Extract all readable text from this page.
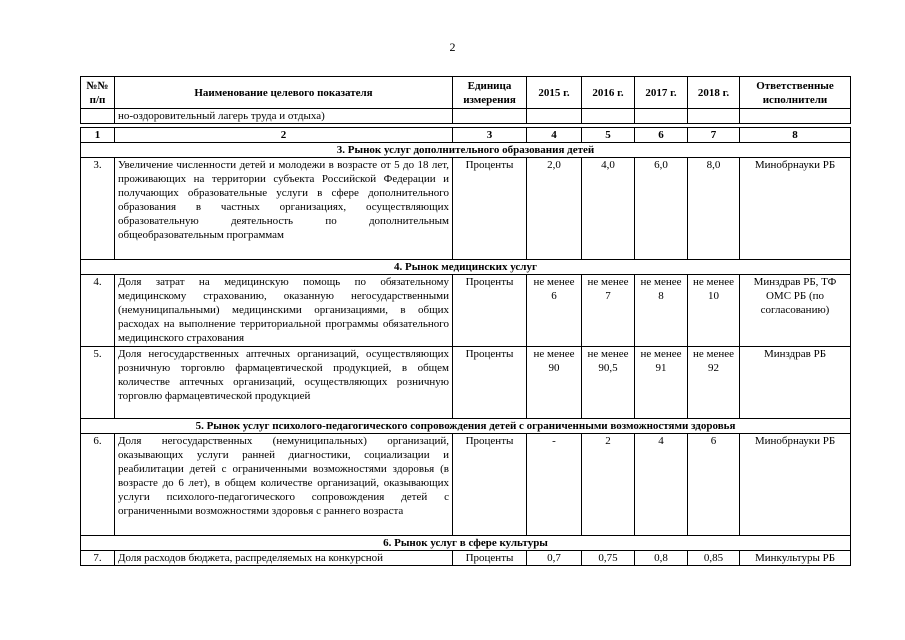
2
№№ п/п	Наименование целевого показателя	Единица измерения	2015 г.	2016 г.	2017 г.	2018 г.	Ответственные исполнители
	но-оздоровительный лагерь труда и отдыха)						
1	2	3	4	5	6	7	8
3. Рынок услуг дополнительного образования детей							
3.	Увеличение численности детей и молодежи в возрасте от 5 до 18 лет, проживающих на территории субъекта Российской Федерации и получающих образовательные услуги в сфере дополнительного образования в частных организациях, осуществляющих образовательную деятельность по дополнительным общеобразовательным программам	Проценты	2,0	4,0	6,0	8,0	Минобрнауки РБ
4. Рынок медицинских услуг							
4.	Доля затрат на медицинскую помощь по обязательному медицинскому страхованию, оказанную негосударственными (немуниципальными) медицинскими организациями, в общих расходах на выполнение территориальной программы обязательного медицинского страхования	Проценты	не менее 6	не менее 7	не менее 8	не менее 10	Минздрав РБ, ТФ ОМС РБ (по согласованию)
5.	Доля негосударственных аптечных организаций, осуществляющих розничную торговлю фармацевтической продукцией, в общем количестве аптечных организаций, осуществляющих розничную торговлю фармацевтической продукцией	Проценты	не менее 90	не менее 90,5	не менее 91	не менее 92	Минздрав РБ
5. Рынок услуг психолого-педагогического сопровождения детей с ограниченными возможностями здоровья							
6.	Доля негосударственных (немуниципальных) организаций, оказывающих услуги ранней диагностики, социализации и реабилитации детей с ограниченными возможностями здоровья (в возрасте до 6 лет), в общем количестве организаций, оказывающих услуги психолого-педагогического сопровождения детей с ограниченными возможностями здоровья с раннего возраста	Проценты	-	2	4	6	Минобрнауки РБ
6. Рынок услуг в сфере культуры							
7.	Доля расходов бюджета, распределяемых на конкурсной	Проценты	0,7	0,75	0,8	0,85	Минкультуры РБ
